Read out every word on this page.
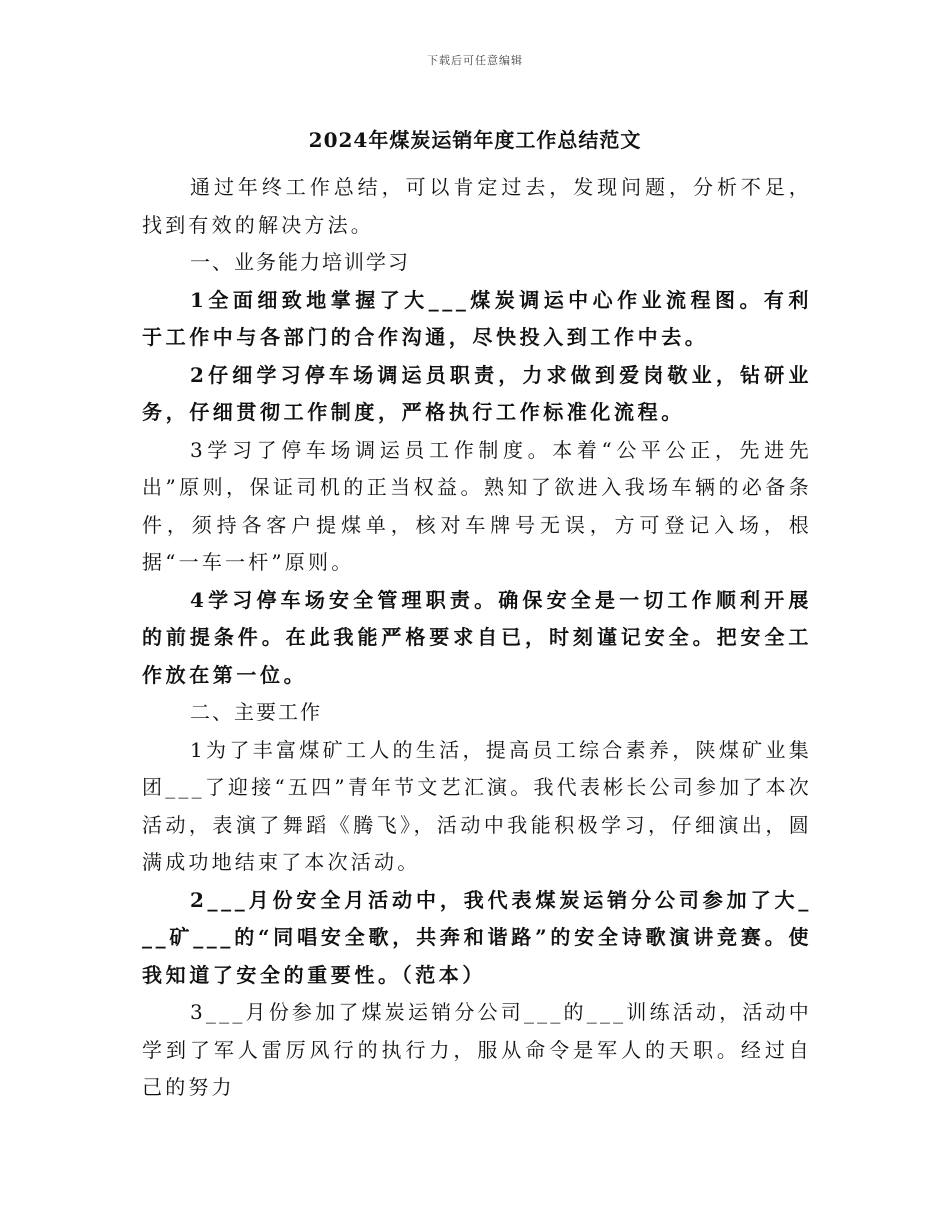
下载后可任意编辑
2024年煤炭运销年度工作总结范文

通过年终工作总结，可以肯定过去，发现问题，分析不足，找到有效的解决方法。

一、业务能力培训学习

1全面细致地掌握了大___煤炭调运中心作业流程图。有利于工作中与各部门的合作沟通，尽快投入到工作中去。

2仔细学习停车场调运员职责，力求做到爱岗敬业，钻研业务，仔细贯彻工作制度，严格执行工作标准化流程。

3学习了停车场调运员工作制度。本着“公平公正，先进先出”原则，保证司机的正当权益。熟知了欲进入我场车辆的必备条件，须持各客户提煤单，核对车牌号无误，方可登记入场，根据“一车一杆”原则。

4学习停车场安全管理职责。确保安全是一切工作顺利开展的前提条件。在此我能严格要求自已，时刻谨记安全。把安全工作放在第一位。

二、主要工作

1为了丰富煤矿工人的生活，提高员工综合素养，陕煤矿业集团___了迎接“五四”青年节文艺汇演。我代表彬长公司参加了本次活动，表演了舞蹈《腾飞》，活动中我能积极学习，仔细演出，圆满成功地结束了本次活动。

2___月份安全月活动中，我代表煤炭运销分公司参加了大___矿___的“同唱安全歌，共奔和谐路”的安全诗歌演讲竞赛。使我知道了安全的重要性。（范本）

3___月份参加了煤炭运销分公司___的___训练活动，活动中学到了军人雷厉风行的执行力，服从命令是军人的天职。经过自己的努力
